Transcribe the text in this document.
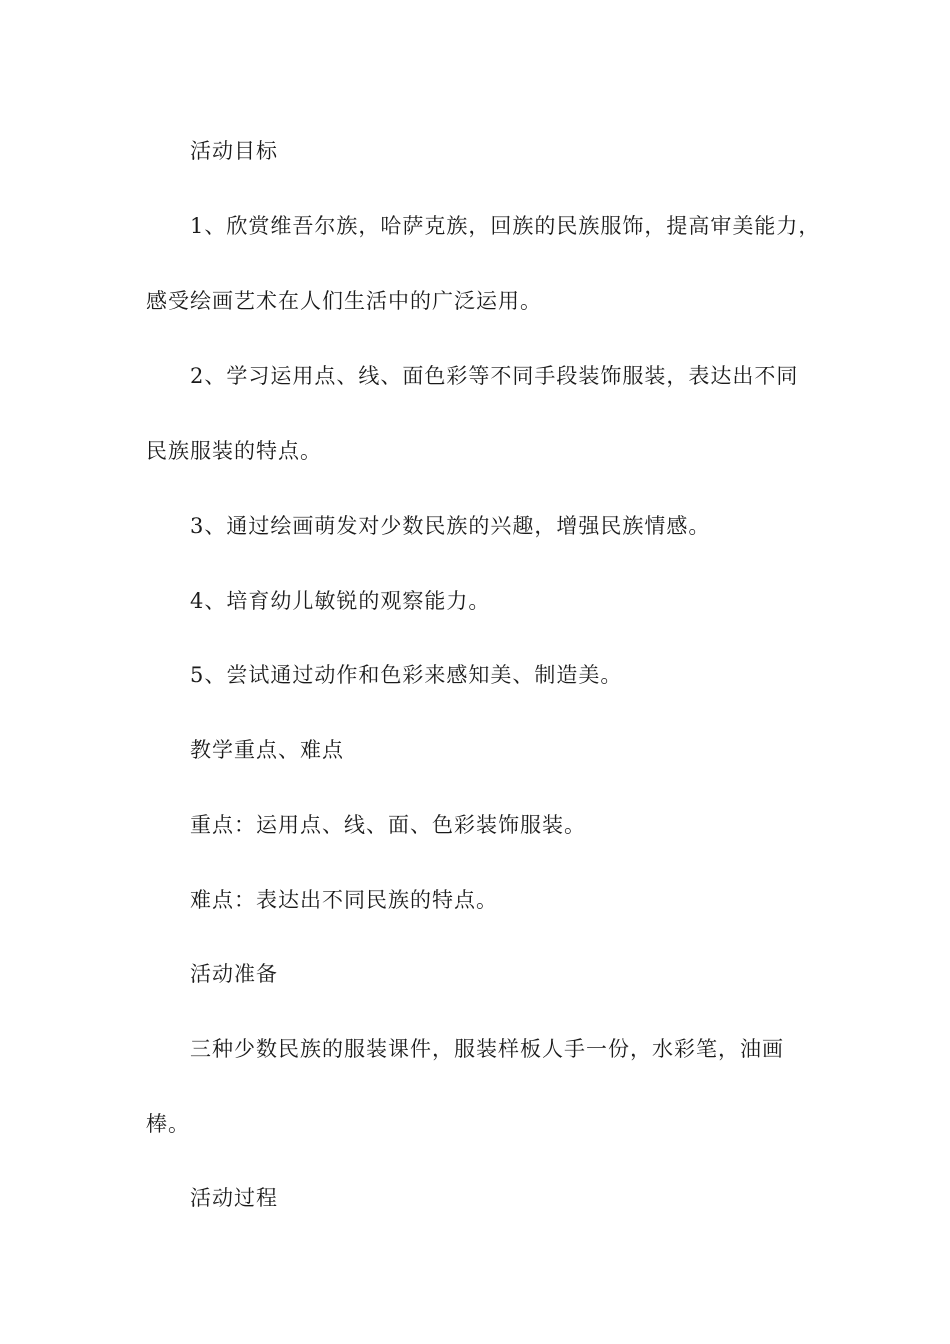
活动目标
1、欣赏维吾尔族，哈萨克族，回族的民族服饰，提高审美能力，
感受绘画艺术在人们生活中的广泛运用。
2、学习运用点、线、面色彩等不同手段装饰服装，表达出不同
民族服装的特点。
3、通过绘画萌发对少数民族的兴趣，增强民族情感。
4、培育幼儿敏锐的观察能力。
5、尝试通过动作和色彩来感知美、制造美。
教学重点、难点
重点：运用点、线、面、色彩装饰服装。
难点：表达出不同民族的特点。
活动准备
三种少数民族的服装课件，服装样板人手一份，水彩笔，油画
棒。
活动过程
